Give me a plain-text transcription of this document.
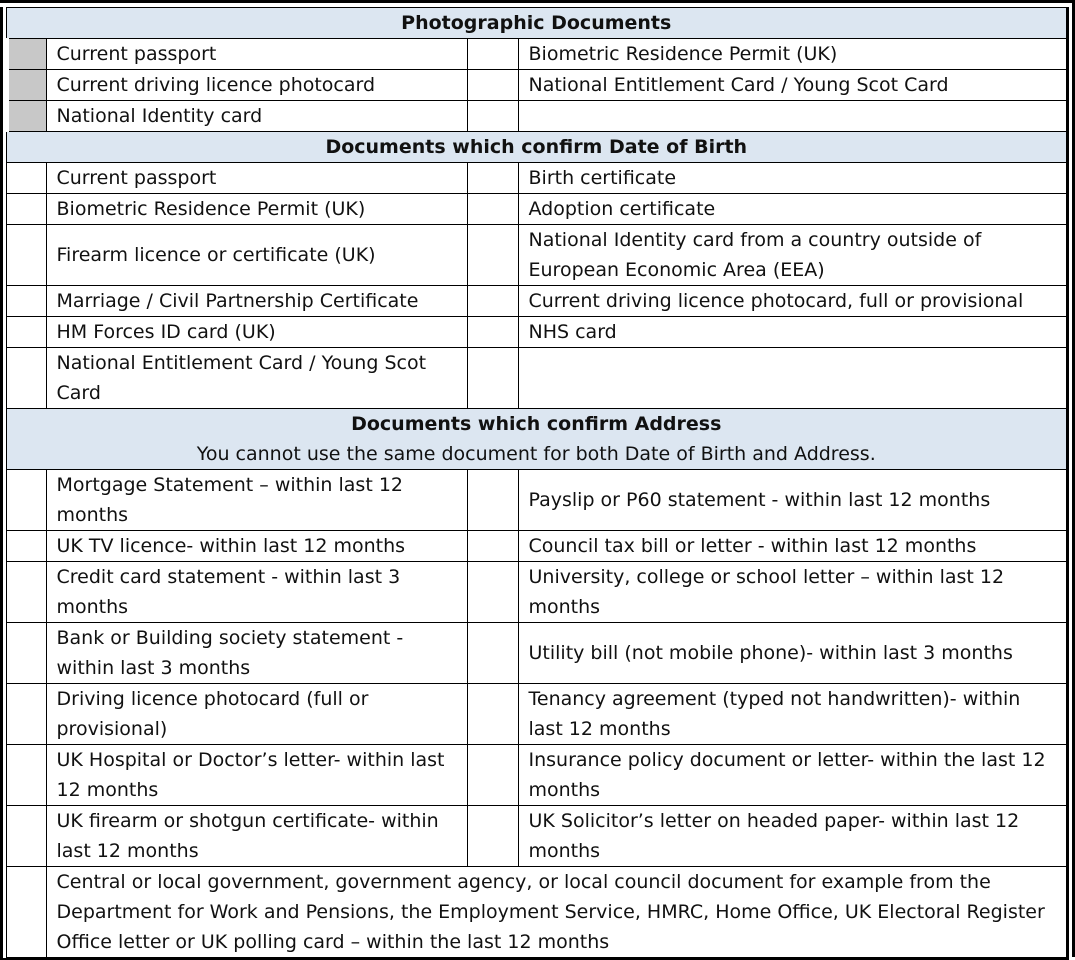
Photographic Documents			
	Current passport		Biometric Residence Permit (UK)
	Current driving licence photocard		National Entitlement Card / Young Scot Card
	National Identity card		
Documents which confirm Date of Birth			
	Current passport		Birth certificate
	Biometric Residence Permit (UK)		Adoption certificate
	Firearm licence or certificate (UK)		National Identity card from a country outside of European Economic Area (EEA)
	Marriage / Civil Partnership Certificate		Current driving licence photocard, full or provisional
	HM Forces ID card (UK)		NHS card
	National Entitlement Card / Young Scot Card		
Documents which confirm Address
You cannot use the same document for both Date of Birth and Address.			

	Mortgage Statement – within last 12 months		Payslip or P60 statement - within last 12 months
	UK TV licence- within last 12 months		Council tax bill or letter - within last 12 months
	Credit card statement - within last 3 months		University, college or school letter – within last 12 months
	Bank or Building society statement - within last 3 months		Utility bill (not mobile phone)- within last 3 months
	Driving licence photocard (full or provisional)		Tenancy agreement (typed not handwritten)- within last 12 months
	UK Hospital or Doctor’s letter- within last 12 months		Insurance policy document or letter- within the last 12 months
	UK firearm or shotgun certificate- within last 12 months		UK Solicitor’s letter on headed paper- within last 12 months
	Central or local government, government agency, or local council document for example from the Department for Work and Pensions, the Employment Service, HMRC, Home Office, UK Electoral Register Office letter or UK polling card – within the last 12 months		
